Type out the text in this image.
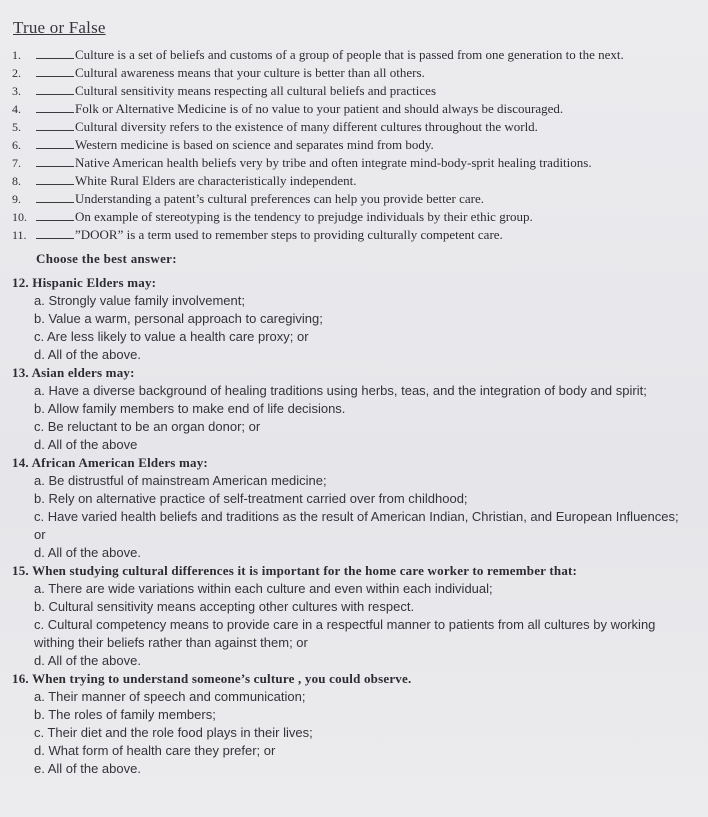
True or False
1.	Culture is a set of beliefs and customs of a group of people that is passed from one generation to the next.
2.	Cultural awareness means that your culture is better than all others.
3.	Cultural sensitivity means respecting all cultural beliefs and practices
4.	Folk or Alternative Medicine is of no value to your patient and should always be discouraged.
5.	Cultural diversity refers to the existence of many different cultures throughout the world.
6.	Western medicine is based on science and separates mind from body.
7.	Native American health beliefs very by tribe and often integrate mind-body-sprit healing traditions.
8.	White Rural Elders are characteristically independent.
9.	Understanding a patent’s cultural preferences can help you provide better care.
10.	On example of stereotyping is the tendency to prejudge individuals by their ethic group.
11.	”DOOR” is a term used to remember steps to providing culturally competent care.
Choose the best answer:
12. Hispanic Elders may:
a. Strongly value family involvement;
b. Value a warm, personal approach to caregiving;
c. Are less likely to value a health care proxy; or
d. All of the above.
13. Asian elders may:
a. Have a diverse background of healing traditions using herbs, teas, and the integration of body and spirit;
b. Allow family members to make end of life decisions.
c. Be reluctant to be an organ donor; or
d. All of the above
14. African American Elders may:
a. Be distrustful of mainstream American medicine;
b. Rely on alternative practice of self-treatment carried over from childhood;
c. Have varied health beliefs and traditions as the result of American Indian, Christian, and European Influences; or
d. All of the above.
15. When studying cultural differences it is important for the home care worker to remember that:
a. There are wide variations within each culture and even within each individual;
b. Cultural sensitivity means accepting other cultures with respect.
c. Cultural competency means to provide care in a respectful manner to patients from all cultures by working withing their beliefs rather than against them; or
d. All of the above.
16. When trying to understand someone’s culture , you could observe.
a. Their manner of speech and communication;
b. The roles of family members;
c. Their diet and the role food plays in their lives;
d. What form of health care they prefer; or
e. All of the above.
